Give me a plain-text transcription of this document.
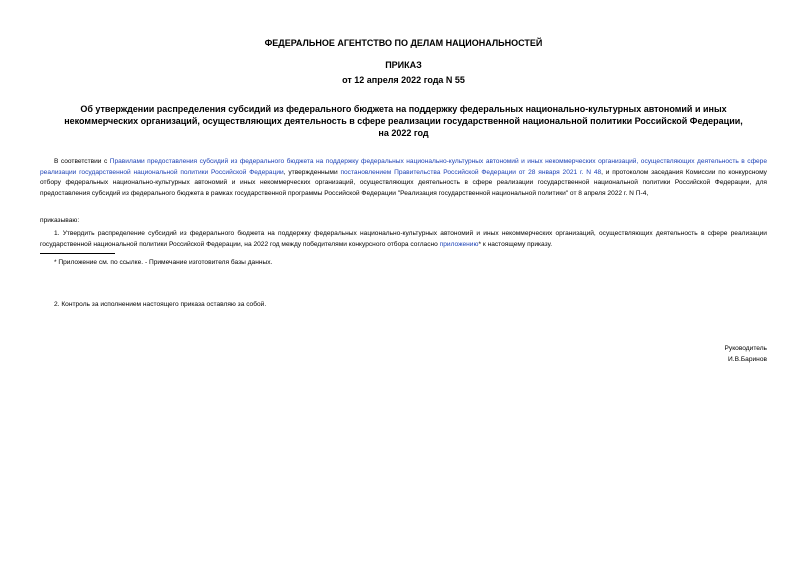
ФЕДЕРАЛЬНОЕ АГЕНТСТВО ПО ДЕЛАМ НАЦИОНАЛЬНОСТЕЙ
ПРИКАЗ
от 12 апреля 2022 года N 55
Об утверждении распределения субсидий из федерального бюджета на поддержку федеральных национально-культурных автономий и иных некоммерческих организаций, осуществляющих деятельность в сфере реализации государственной национальной политики Российской Федерации, на 2022 год
В соответствии с Правилами предоставления субсидий из федерального бюджета на поддержку федеральных национально-культурных автономий и иных некоммерческих организаций, осуществляющих деятельность в сфере реализации государственной национальной политики Российской Федерации, утвержденными постановлением Правительства Российской Федерации от 28 января 2021 г. N 48, и протоколом заседания Комиссии по конкурсному отбору федеральных национально-культурных автономий и иных некоммерческих организаций, осуществляющих деятельность в сфере реализации государственной национальной политики Российской Федерации, для предоставления субсидий из федерального бюджета в рамках государственной программы Российской Федерации "Реализация государственной национальной политики" от 8 апреля 2022 г. N П-4,
приказываю:
1. Утвердить распределение субсидий из федерального бюджета на поддержку федеральных национально-культурных автономий и иных некоммерческих организаций, осуществляющих деятельность в сфере реализации государственной национальной политики Российской Федерации, на 2022 год между победителями конкурсного отбора согласно приложению* к настоящему приказу.
* Приложение см. по ссылке. - Примечание изготовителя базы данных.
2. Контроль за исполнением настоящего приказа оставляю за собой.
Руководитель
И.В.Баринов
